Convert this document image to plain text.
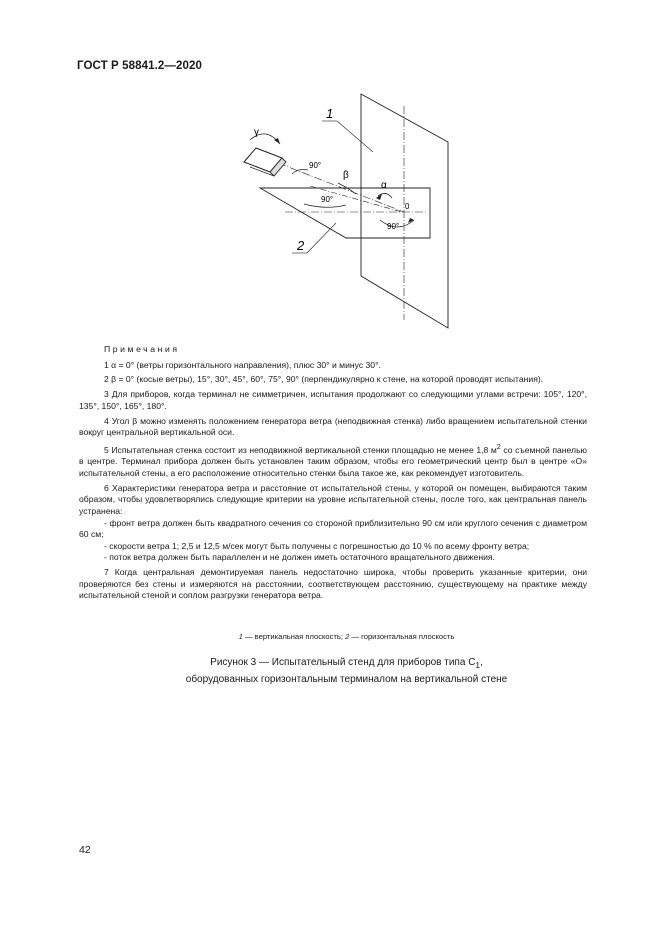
ГОСТ Р 58841.2—2020
1
2
γ
β
α
0
90°
90°
90°

Примечания

1 α = 0° (ветры горизонтального направления), плюс 30° и минус 30°.

2 β = 0° (косые ветры), 15°, 30°, 45°, 60°, 75°, 90° (перпендикулярно к стене, на которой проводят испытания).

3 Для приборов, когда терминал не симметричен, испытания продолжают со следующими углами встречи: 105°, 120°, 135°, 150°, 165°, 180°.

4 Угол β можно изменять положением генератора ветра (неподвижная стенка) либо вращением испытательной стенки вокруг центральной вертикальной оси.

5 Испытательная стенка состоит из неподвижной вертикальной стенки площадью не менее 1,8 $м^2$ со съемной панелью в центре. Терминал прибора должен быть установлен таким образом, чтобы его геометрический центр был в центре «О» испытательной стены, а его расположение относительно стенки была такое же, как рекомендует изготовитель.

6 Характеристики генератора ветра и расстояние от испытательной стены, у которой он помещен, выбираются таким образом, чтобы удовлетворялись следующие критерии на уровне испытательной стены, после того, как центральная панель устранена:

- фронт ветра должен быть квадратного сечения со стороной приблизительно 90 см или круглого сечения с диаметром 60 см;

- скорости ветра 1; 2,5 и 12,5 м/сек могут быть получены с погрешностью до 10 % по всему фронту ветра;

- поток ветра должен быть параллелен и не должен иметь остаточного вращательного движения.

7 Когда центральная демонтируемая панель недостаточно широка, чтобы проверить указанные критерии, они проверяются без стены и измеряются на расстоянии, соответствующем расстоянию, существующему на практике между испытательной стеной и соплом разгрузки генератора ветра.

1 — вертикальная плоскость; 2 — горизонтальная плоскость
Рисунок 3 — Испытательный стенд для приборов типа $С_1$,
оборудованных горизонтальным терминалом на вертикальной стене
42
